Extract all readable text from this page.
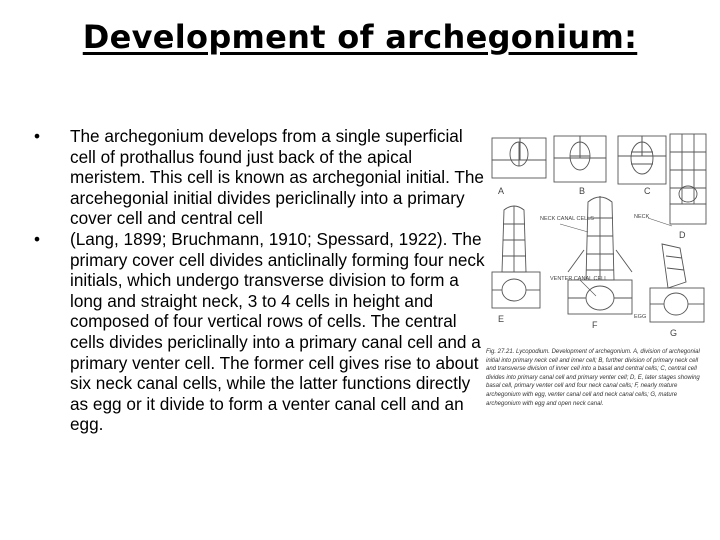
Development of archegonium:
• The archegonium develops from a single superficial cell of prothallus found just back of the apical meristem. This cell is known as archegonial initial. The arcehegonial initial divides periclinally into a primary cover cell and central cell
• (Lang, 1899; Bruchmann, 1910; Spessard, 1922). The primary cover cell divides anticlinally forming four neck initials, which undergo transverse division to form a long and straight neck, 3 to 4 cells in height and composed of four vertical rows of cells. The central cells divides periclinally into a primary canal cell and a primary venter cell. The former cell gives rise to about six neck canal cells, while the latter functions directly as egg or it divide to form a venter canal cell and an egg.
A	B	C
D
NECK
E
F
NECK CANAL CELLS
VENTER CANAL CELL
G
EGG
Fig. 27.21. Lycopodium. Development of archegonium. A, division of archegonial initial into primary neck cell and inner cell; B, further division of primary neck cell and transverse division of inner cell into a basal and central cells; C, central cell divides into primary canal cell and primary venter cell; D, E, later stages showing basal cell, primary venter cell and four neck canal cells; F, nearly mature archegonium with egg, venter canal cell and neck canal cells; G, mature archegonium with egg and open neck canal.
